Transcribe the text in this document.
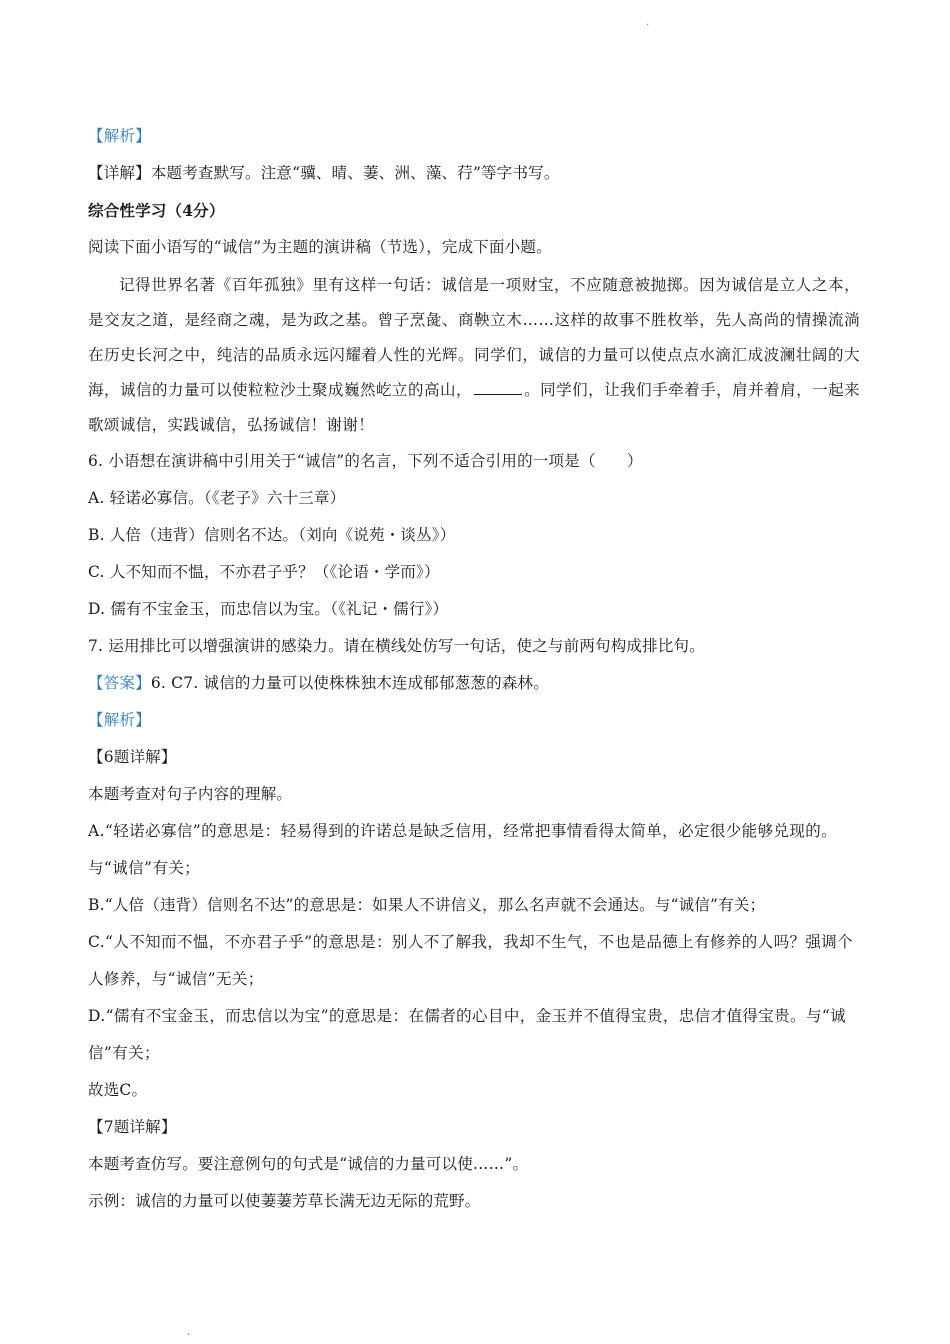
.
【解析】
【详解】本题考查默写。注意“骥、晴、萋、洲、藻、荇”等字书写。
综合性学习（4分）
阅读下面小语写的“诚信”为主题的演讲稿（节选），完成下面小题。
记得世界名著《百年孤独》里有这样一句话：诚信是一项财宝，不应随意被抛掷。因为诚信是立人之本，是交友之道，是经商之魂，是为政之基。曾子烹彘、商鞅立木……这样的故事不胜枚举，先人高尚的情操流淌在历史长河之中，纯洁的品质永远闪耀着人性的光辉。同学们，诚信的力量可以使点点水滴汇成波澜壮阔的大海，诚信的力量可以使粒粒沙土聚成巍然屹立的高山，	。同学们，让我们手牵着手，肩并着肩，一起来歌颂诚信，实践诚信，弘扬诚信！谢谢！
6. 小语想在演讲稿中引用关于“诚信”的名言，下列不适合引用的一项是（　　）
A. 轻诺必寡信。（《老子》六十三章）
B. 人倍（违背）信则名不达。（刘向《说苑・谈丛》）
C. 人不知而不愠，不亦君子乎？（《论语・学而》）
D. 儒有不宝金玉，而忠信以为宝。（《礼记・儒行》）
7. 运用排比可以增强演讲的感染力。请在横线处仿写一句话，使之与前两句构成排比句。
【答案】6. C7. 诚信的力量可以使株株独木连成郁郁葱葱的森林。
【解析】
【6题详解】
本题考查对句子内容的理解。
A.“轻诺必寡信”的意思是：轻易得到的许诺总是缺乏信用，经常把事情看得太简单，必定很少能够兑现的。与“诚信”有关；
B.“人倍（违背）信则名不达”的意思是：如果人不讲信义，那么名声就不会通达。与“诚信”有关；
C.“人不知而不愠，不亦君子乎”的意思是：别人不了解我，我却不生气，不也是品德上有修养的人吗？强调个人修养，与“诚信”无关；
D.“儒有不宝金玉，而忠信以为宝”的意思是：在儒者的心目中，金玉并不值得宝贵，忠信才值得宝贵。与“诚信”有关；
故选C。
【7题详解】
本题考查仿写。要注意例句的句式是“诚信的力量可以使……”。
示例：诚信的力量可以使萋萋芳草长满无边无际的荒野。
.
